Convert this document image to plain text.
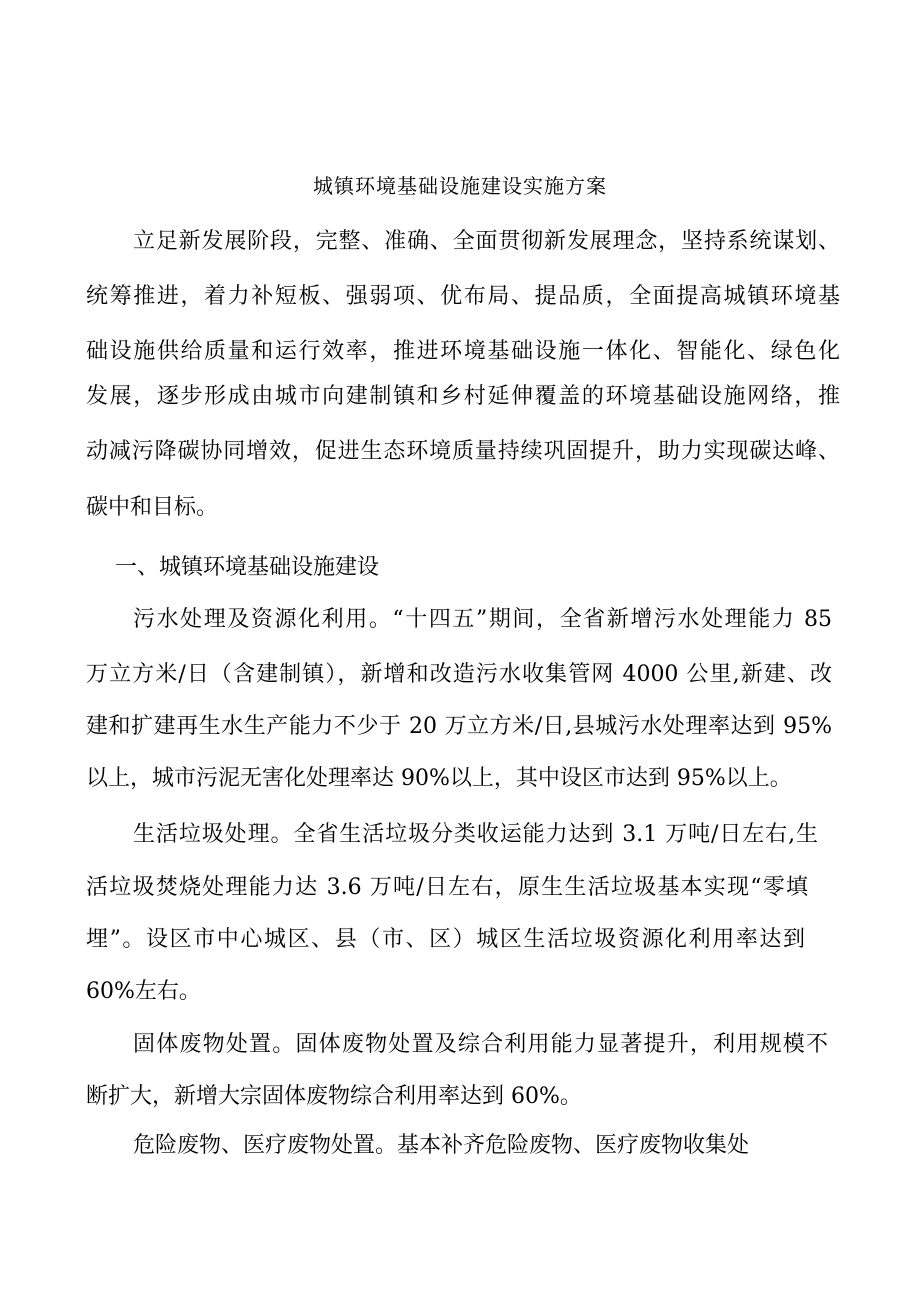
城镇环境基础设施建设实施方案
立足新发展阶段，完整、准确、全面贯彻新发展理念，坚持系统谋划、
统筹推进，着力补短板、强弱项、优布局、提品质，全面提高城镇环境基
础设施供给质量和运行效率，推进环境基础设施一体化、智能化、绿色化
发展，逐步形成由城市向建制镇和乡村延伸覆盖的环境基础设施网络，推
动减污降碳协同增效，促进生态环境质量持续巩固提升，助力实现碳达峰、
碳中和目标。
一、城镇环境基础设施建设
污水处理及资源化利用。“十四五”期间，全省新增污水处理能力 85
万立方米/日（含建制镇），新增和改造污水收集管网 4000 公里,新建、改
建和扩建再生水生产能力不少于 20 万立方米/日,县城污水处理率达到 95%
以上，城市污泥无害化处理率达 90%以上，其中设区市达到 95%以上。
生活垃圾处理。全省生活垃圾分类收运能力达到 3.1 万吨/日左右,生
活垃圾焚烧处理能力达 3.6 万吨/日左右，原生生活垃圾基本实现“零填
埋”。设区市中心城区、县（市、区）城区生活垃圾资源化利用率达到
60%左右。
固体废物处置。固体废物处置及综合利用能力显著提升，利用规模不
断扩大，新增大宗固体废物综合利用率达到 60%。
危险废物、医疗废物处置。基本补齐危险废物、医疗废物收集处
